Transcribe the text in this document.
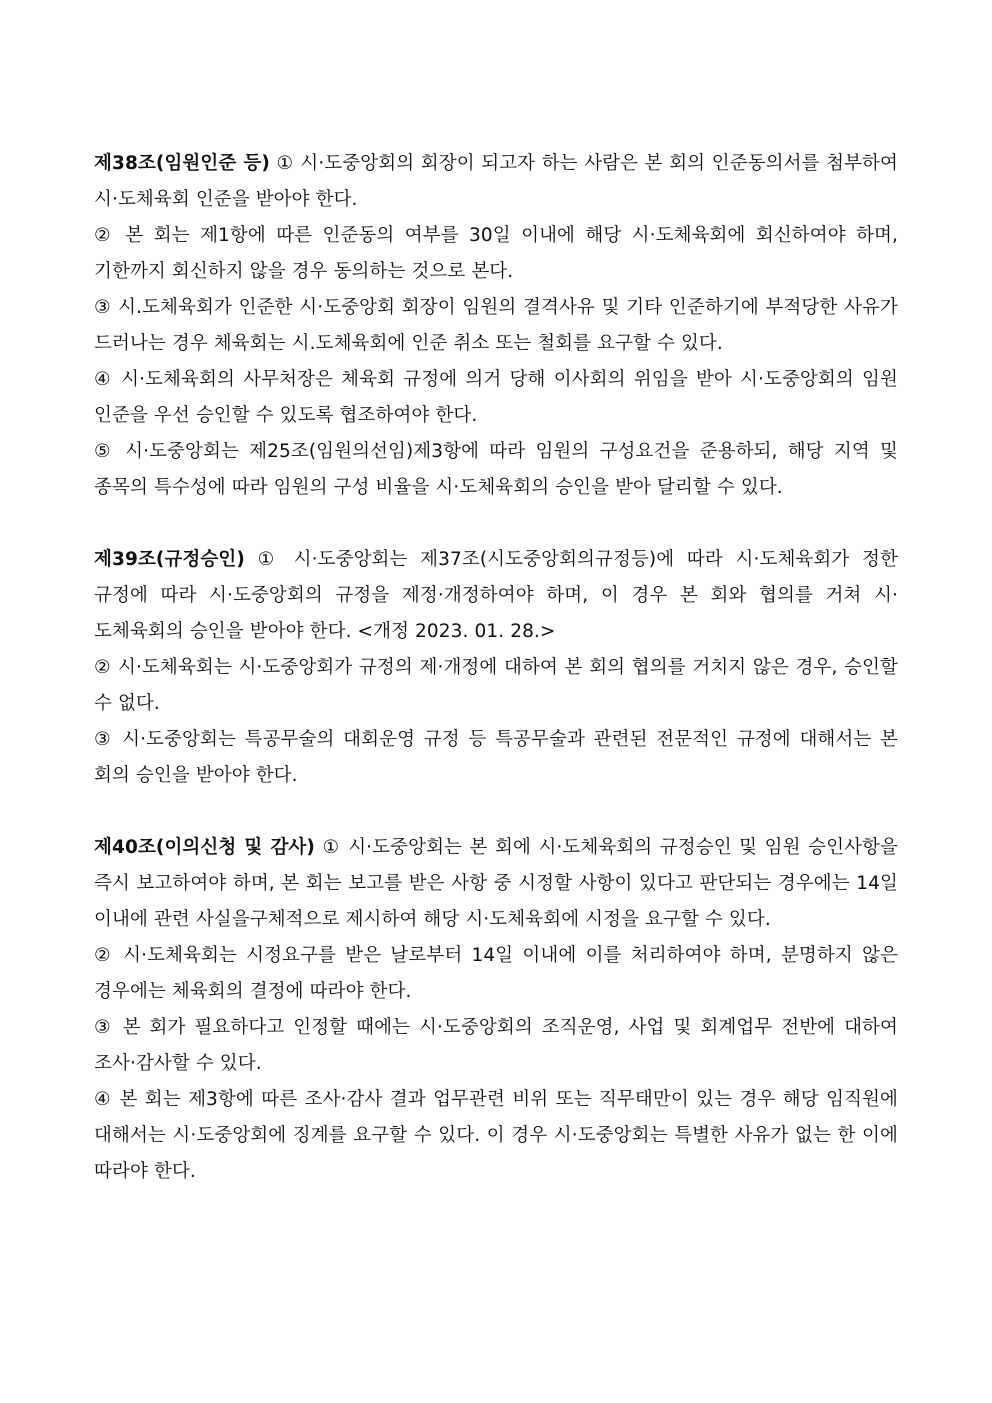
제38조(임원인준 등) ① 시·도중앙회의 회장이 되고자 하는 사람은 본 회의 인준동의서를 첨부하여 시·도체육회 인준을 받아야 한다.

② 본 회는 제1항에 따른 인준동의 여부를 30일 이내에 해당 시·도체육회에 회신하여야 하며, 기한까지 회신하지 않을 경우 동의하는 것으로 본다.

③ 시.도체육회가 인준한 시·도중앙회 회장이 임원의 결격사유 및 기타 인준하기에 부적당한 사유가 드러나는 경우 체육회는 시.도체육회에 인준 취소 또는 철회를 요구할 수 있다.

④ 시·도체육회의 사무처장은 체육회 규정에 의거 당해 이사회의 위임을 받아 시·도중앙회의 임원 인준을 우선 승인할 수 있도록 협조하여야 한다.

⑤ 시·도중앙회는 제25조(임원의선임)제3항에 따라 임원의 구성요건을 준용하되, 해당 지역 및 종목의 특수성에 따라 임원의 구성 비율을 시·도체육회의 승인을 받아 달리할 수 있다.

제39조(규정승인) ① 시·도중앙회는 제37조(시도중앙회의규정등)에 따라 시·도체육회가 정한 규정에 따라 시·도중앙회의 규정을 제정·개정하여야 하며, 이 경우 본 회와 협의를 거쳐 시·도체육회의 승인을 받아야 한다. <개정 2023. 01. 28.>

② 시·도체육회는 시·도중앙회가 규정의 제·개정에 대하여 본 회의 협의를 거치지 않은 경우, 승인할 수 없다.

③ 시·도중앙회는 특공무술의 대회운영 규정 등 특공무술과 관련된 전문적인 규정에 대해서는 본 회의 승인을 받아야 한다.

제40조(이의신청 및 감사) ① 시·도중앙회는 본 회에 시·도체육회의 규정승인 및 임원 승인사항을 즉시 보고하여야 하며, 본 회는 보고를 받은 사항 중 시정할 사항이 있다고 판단되는 경우에는 14일 이내에 관련 사실을구체적으로 제시하여 해당 시·도체육회에 시정을 요구할 수 있다.

② 시·도체육회는 시정요구를 받은 날로부터 14일 이내에 이를 처리하여야 하며, 분명하지 않은 경우에는 체육회의 결정에 따라야 한다.

③ 본 회가 필요하다고 인정할 때에는 시·도중앙회의 조직운영, 사업 및 회계업무 전반에 대하여 조사·감사할 수 있다.

④ 본 회는 제3항에 따른 조사·감사 결과 업무관련 비위 또는 직무태만이 있는 경우 해당 임직원에 대해서는 시·도중앙회에 징계를 요구할 수 있다. 이 경우 시·도중앙회는 특별한 사유가 없는 한 이에 따라야 한다.
